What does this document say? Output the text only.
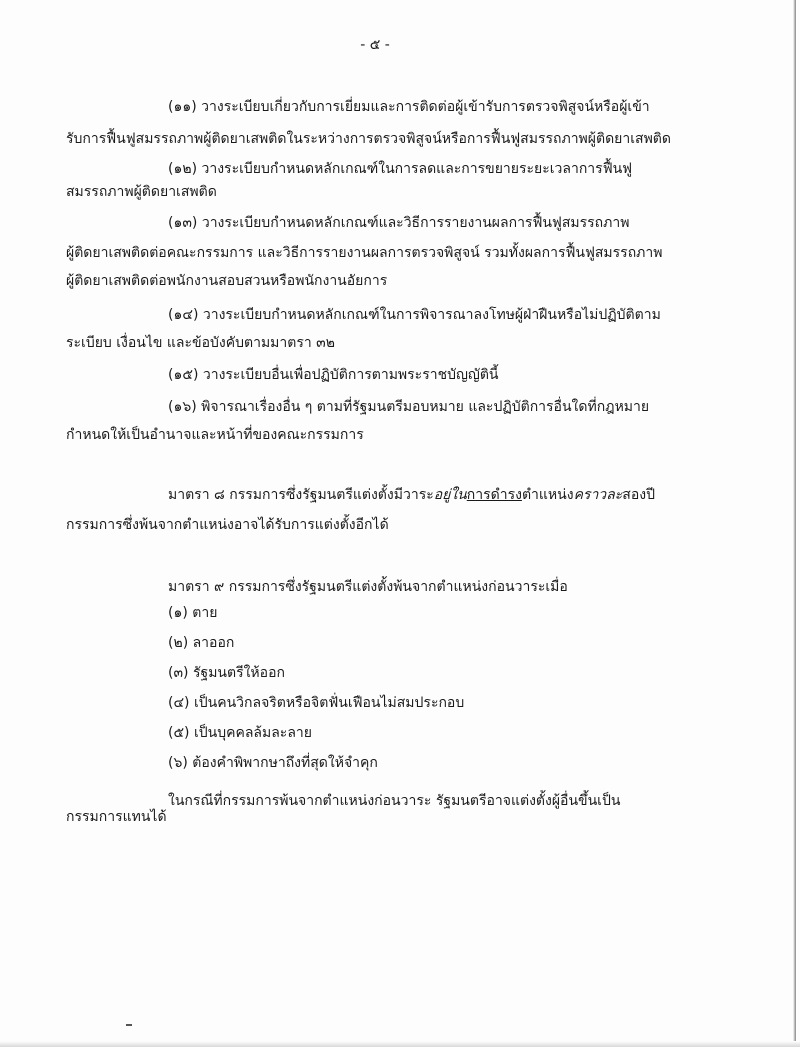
- ๕ -
(๑๑) วางระเบียบเกี่ยวกับการเยี่ยมและการติดต่อผู้เข้ารับการตรวจพิสูจน์หรือผู้เข้า
รับการฟื้นฟูสมรรถภาพผู้ติดยาเสพติดในระหว่างการตรวจพิสูจน์หรือการฟื้นฟูสมรรถภาพผู้ติดยาเสพติด
(๑๒) วางระเบียบกำหนดหลักเกณฑ์ในการลดและการขยายระยะเวลาการฟื้นฟู
สมรรถภาพผู้ติดยาเสพติด
(๑๓) วางระเบียบกำหนดหลักเกณฑ์และวิธีการรายงานผลการฟื้นฟูสมรรถภาพ
ผู้ติดยาเสพติดต่อคณะกรรมการ และวิธีการรายงานผลการตรวจพิสูจน์ รวมทั้งผลการฟื้นฟูสมรรถภาพ
ผู้ติดยาเสพติดต่อพนักงานสอบสวนหรือพนักงานอัยการ
(๑๔) วางระเบียบกำหนดหลักเกณฑ์ในการพิจารณาลงโทษผู้ฝ่าฝืนหรือไม่ปฏิบัติตาม
ระเบียบ เงื่อนไข และข้อบังคับตามมาตรา ๓๒
(๑๕) วางระเบียบอื่นเพื่อปฏิบัติการตามพระราชบัญญัตินี้
(๑๖) พิจารณาเรื่องอื่น ๆ ตามที่รัฐมนตรีมอบหมาย และปฏิบัติการอื่นใดที่กฎหมาย
กำหนดให้เป็นอำนาจและหน้าที่ของคณะกรรมการ
มาตรา ๘ กรรมการซึ่งรัฐมนตรีแต่งตั้งมีวาระอยู่ในการดำรงตำแหน่งคราวละสองปี
กรรมการซึ่งพ้นจากตำแหน่งอาจได้รับการแต่งตั้งอีกได้
มาตรา ๙ กรรมการซึ่งรัฐมนตรีแต่งตั้งพ้นจากตำแหน่งก่อนวาระเมื่อ
(๑) ตาย
(๒) ลาออก
(๓) รัฐมนตรีให้ออก
(๔) เป็นคนวิกลจริตหรือจิตฟั่นเฟือนไม่สมประกอบ
(๕) เป็นบุคคลล้มละลาย
(๖) ต้องคำพิพากษาถึงที่สุดให้จำคุก
ในกรณีที่กรรมการพ้นจากตำแหน่งก่อนวาระ รัฐมนตรีอาจแต่งตั้งผู้อื่นขึ้นเป็น
กรรมการแทนได้
